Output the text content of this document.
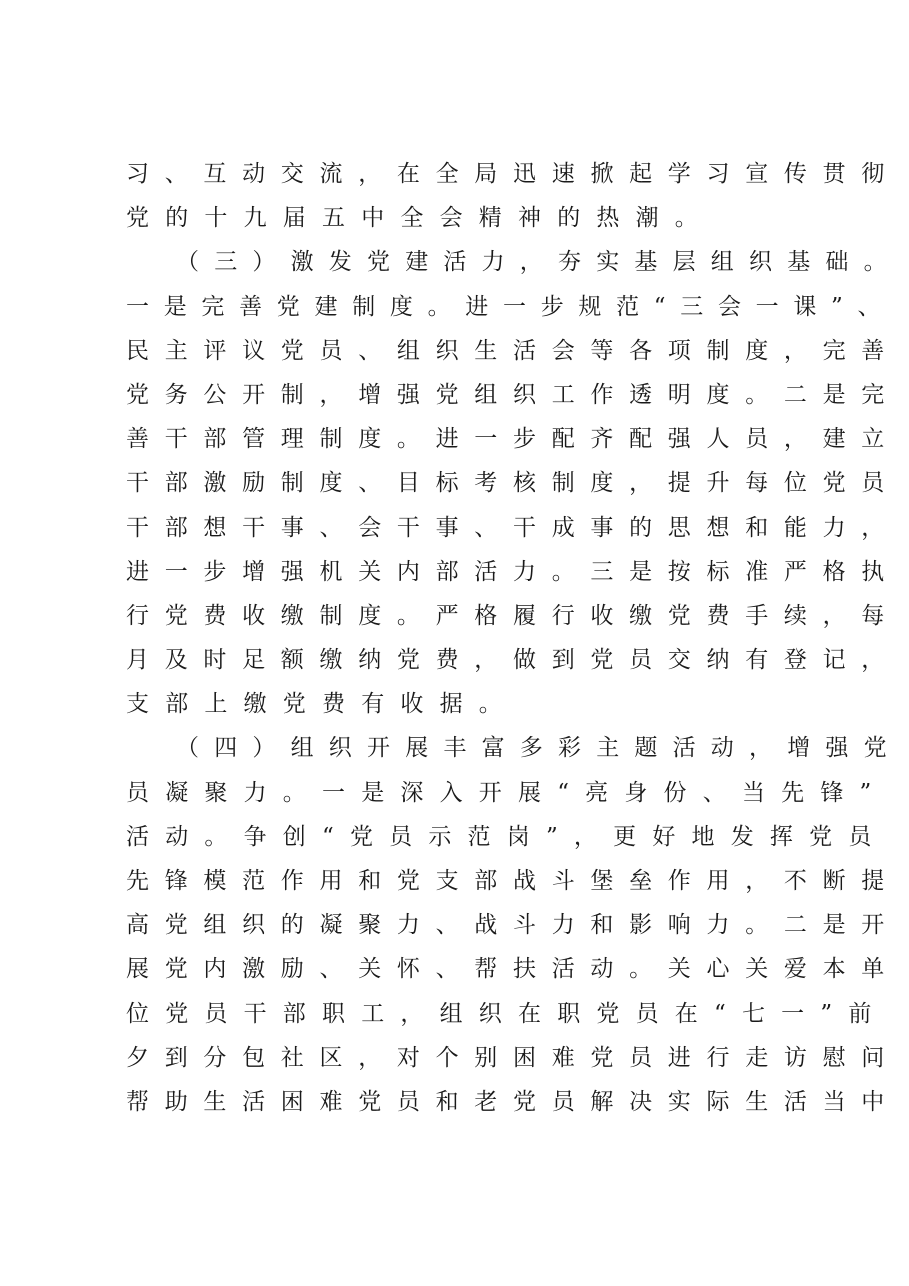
习、互动交流，在全局迅速掀起学习宣传贯彻
党的十九届五中全会精神的热潮。
（三）激发党建活力，夯实基层组织基础。
一是完善党建制度。进一步规范“三会一课”、
民主评议党员、组织生活会等各项制度，完善
党务公开制，增强党组织工作透明度。二是完
善干部管理制度。进一步配齐配强人员，建立
干部激励制度、目标考核制度，提升每位党员
干部想干事、会干事、干成事的思想和能力，
进一步增强机关内部活力。三是按标准严格执
行党费收缴制度。严格履行收缴党费手续，每
月及时足额缴纳党费，做到党员交纳有登记，
支部上缴党费有收据。
（四）组织开展丰富多彩主题活动，增强党
员凝聚力。一是深入开展“亮身份、当先锋”
活动。争创“党员示范岗”，更好地发挥党员
先锋模范作用和党支部战斗堡垒作用，不断提
高党组织的凝聚力、战斗力和影响力。二是开
展党内激励、关怀、帮扶活动。关心关爱本单
位党员干部职工，组织在职党员在“七一”前
夕到分包社区，对个别困难党员进行走访慰问
帮助生活困难党员和老党员解决实际生活当中
